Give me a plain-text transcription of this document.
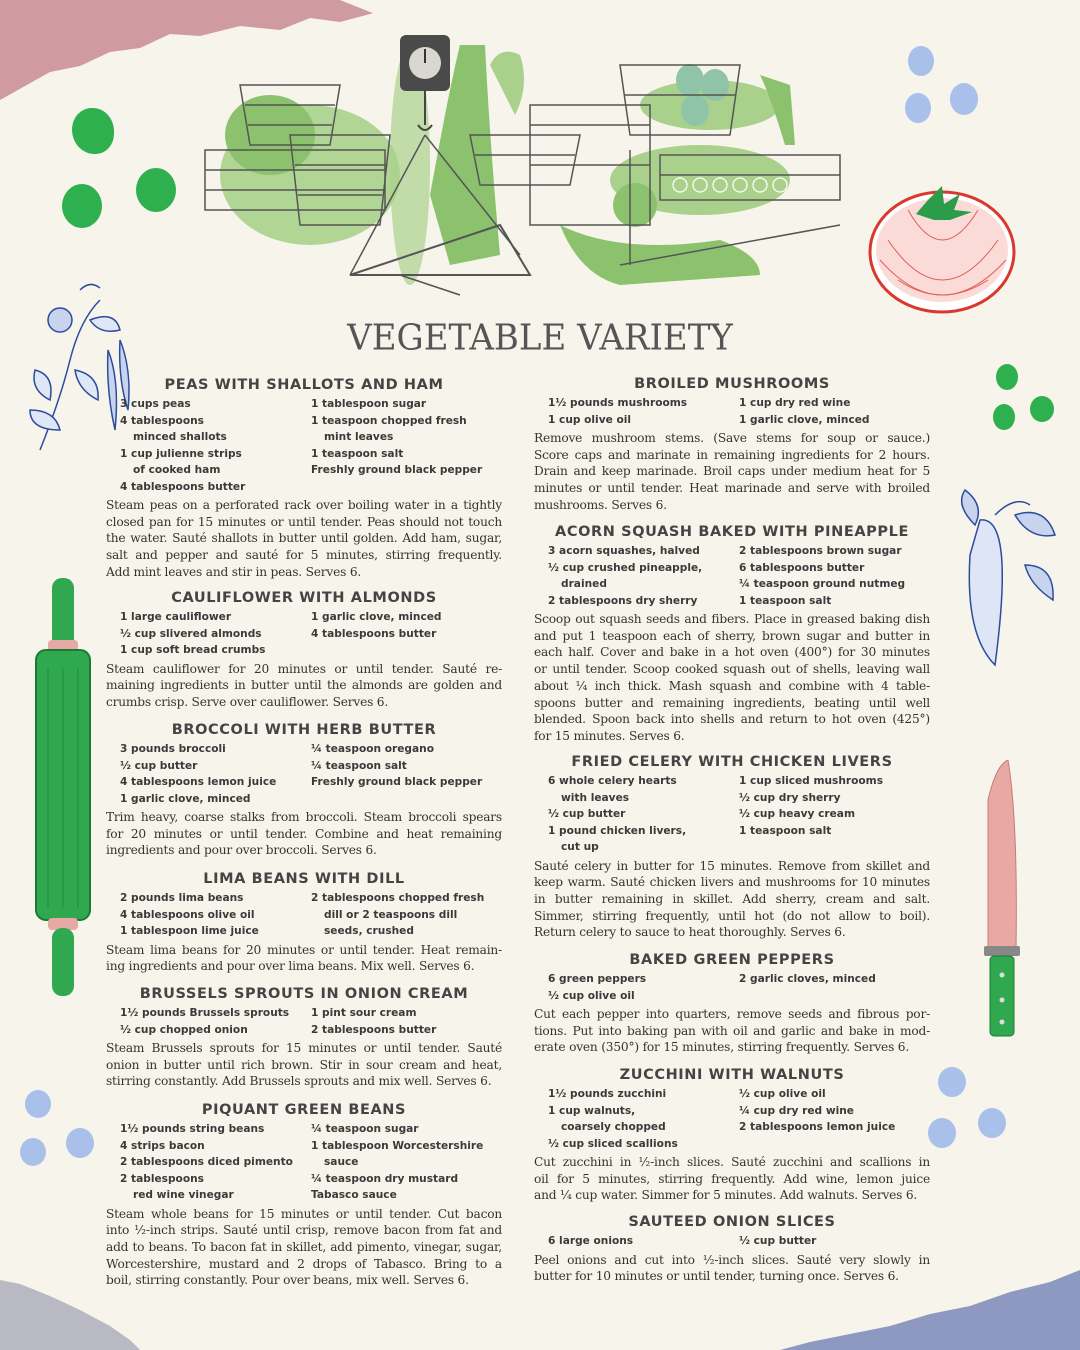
VEGETABLE VARIETY
PEAS WITH SHALLOTS AND HAM
3 cups peas
4 tablespoons
minced shallots
1 cup julienne strips
of cooked ham
4 tablespoons butter
1 tablespoon sugar
1 teaspoon chopped fresh
mint leaves
1 teaspoon salt
Freshly ground black pepper
Steam peas on a perforated rack over boiling water in a tightly
closed pan for 15 minutes or until tender. Peas should not touch
the water. Sauté shallots in butter until golden. Add ham, sugar,
salt and pepper and sauté for 5 minutes, stirring frequently.
Add mint leaves and stir in peas. Serves 6.
CAULIFLOWER WITH ALMONDS
1 large cauliflower
½ cup slivered almonds
1 cup soft bread crumbs
1 garlic clove, minced
4 tablespoons butter
Steam cauliflower for 20 minutes or until tender. Sauté re-
maining ingredients in butter until the almonds are golden and
crumbs crisp. Serve over cauliflower. Serves 6.
BROCCOLI WITH HERB BUTTER
3 pounds broccoli
½ cup butter
4 tablespoons lemon juice
1 garlic clove, minced
¼ teaspoon oregano
¼ teaspoon salt
Freshly ground black pepper
Trim heavy, coarse stalks from broccoli. Steam broccoli spears
for 20 minutes or until tender. Combine and heat remaining
ingredients and pour over broccoli. Serves 6.
LIMA BEANS WITH DILL
2 pounds lima beans
4 tablespoons olive oil
1 tablespoon lime juice
2 tablespoons chopped fresh
dill or 2 teaspoons dill
seeds, crushed
Steam lima beans for 20 minutes or until tender. Heat remain-
ing ingredients and pour over lima beans. Mix well. Serves 6.
BRUSSELS SPROUTS IN ONION CREAM
1½ pounds Brussels sprouts
½ cup chopped onion
1 pint sour cream
2 tablespoons butter
Steam Brussels sprouts for 15 minutes or until tender. Sauté
onion in butter until rich brown. Stir in sour cream and heat,
stirring constantly. Add Brussels sprouts and mix well. Serves 6.
PIQUANT GREEN BEANS
1½ pounds string beans
4 strips bacon
2 tablespoons diced pimento
2 tablespoons
red wine vinegar
¼ teaspoon sugar
1 tablespoon Worcestershire
sauce
¼ teaspoon dry mustard
Tabasco sauce
Steam whole beans for 15 minutes or until tender. Cut bacon
into ½-inch strips. Sauté until crisp, remove bacon from fat and
add to beans. To bacon fat in skillet, add pimento, vinegar, sugar,
Worcestershire, mustard and 2 drops of Tabasco. Bring to a
boil, stirring constantly. Pour over beans, mix well. Serves 6.
BROILED MUSHROOMS
1½ pounds mushrooms
1 cup olive oil
1 cup dry red wine
1 garlic clove, minced
Remove mushroom stems. (Save stems for soup or sauce.)
Score caps and marinate in remaining ingredients for 2 hours.
Drain and keep marinade. Broil caps under medium heat for 5
minutes or until tender. Heat marinade and serve with broiled
mushrooms. Serves 6.
ACORN SQUASH BAKED WITH PINEAPPLE
3 acorn squashes, halved
½ cup crushed pineapple,
drained
2 tablespoons dry sherry
2 tablespoons brown sugar
6 tablespoons butter
¼ teaspoon ground nutmeg
1 teaspoon salt
Scoop out squash seeds and fibers. Place in greased baking dish
and put 1 teaspoon each of sherry, brown sugar and butter in
each half. Cover and bake in a hot oven (400°) for 30 minutes
or until tender. Scoop cooked squash out of shells, leaving wall
about ¼ inch thick. Mash squash and combine with 4 table-
spoons butter and remaining ingredients, beating until well
blended. Spoon back into shells and return to hot oven (425°)
for 15 minutes. Serves 6.
FRIED CELERY WITH CHICKEN LIVERS
6 whole celery hearts
with leaves
½ cup butter
1 pound chicken livers,
cut up
1 cup sliced mushrooms
½ cup dry sherry
½ cup heavy cream
1 teaspoon salt
Sauté celery in butter for 15 minutes. Remove from skillet and
keep warm. Sauté chicken livers and mushrooms for 10 minutes
in butter remaining in skillet. Add sherry, cream and salt.
Simmer, stirring frequently, until hot (do not allow to boil).
Return celery to sauce to heat thoroughly. Serves 6.
BAKED GREEN PEPPERS
6 green peppers
½ cup olive oil
2 garlic cloves, minced
Cut each pepper into quarters, remove seeds and fibrous por-
tions. Put into baking pan with oil and garlic and bake in mod-
erate oven (350°) for 15 minutes, stirring frequently. Serves 6.
ZUCCHINI WITH WALNUTS
1½ pounds zucchini
1 cup walnuts,
coarsely chopped
½ cup sliced scallions
½ cup olive oil
¼ cup dry red wine
2 tablespoons lemon juice
Cut zucchini in ½-inch slices. Sauté zucchini and scallions in
oil for 5 minutes, stirring frequently. Add wine, lemon juice
and ¼ cup water. Simmer for 5 minutes. Add walnuts. Serves 6.
SAUTEED ONION SLICES
6 large onions	½ cup butter
Peel onions and cut into ½-inch slices. Sauté very slowly in
butter for 10 minutes or until tender, turning once. Serves 6.
